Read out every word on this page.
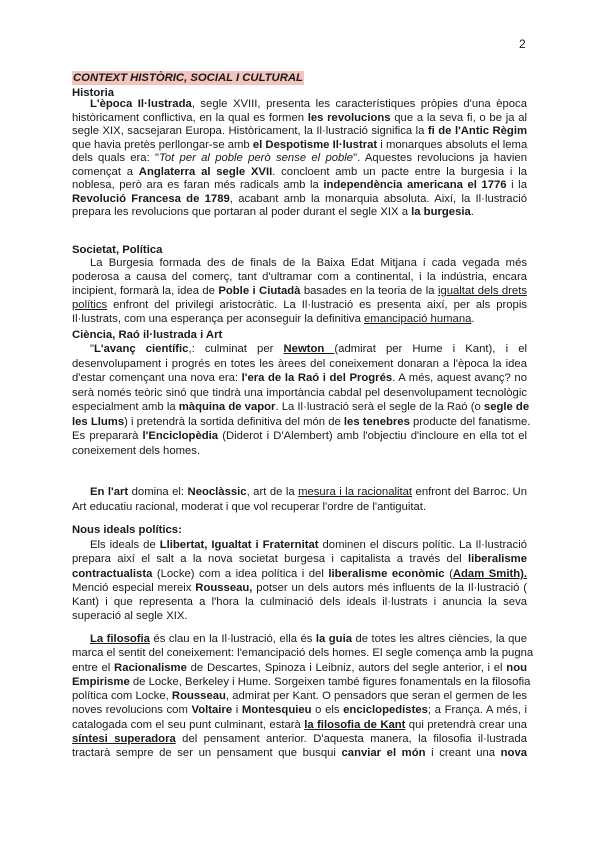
2
CONTEXT HISTÒRIC, SOCIAL I CULTURAL
Historia
L'època Il·lustrada, segle XVIII, presenta les característiques pròpies d'una època
històricament conflictiva, en la qual es formen les revolucions que a la seva fi, o be ja al
segle XIX, sacsejaran Europa. Històricament, la Il·lustració significa la fi de l'Antic Règim
que havia pretès perllongar-se amb el Despotisme Il·lustrat i monarques absoluts el lema
dels quals era: "Tot per al poble però sense el poble". Aquestes revolucions ja havien
començat a Anglaterra al segle XVII. concloent amb un pacte entre la burgesia i la
noblesa, però ara es faran més radicals amb la independència americana el 1776 i la
Revolució Francesa de 1789, acabant amb la monarquia absoluta. Així, la Il·lustració
prepara les revolucions que portaran al poder durant el segle XIX a la burgesia.
Societat, Política
La Burgesia formada des de finals de la Baixa Edat Mitjana i cada vegada més
poderosa a causa del comerç, tant d'ultramar com a continental, i la indústria, encara
incipient, formarà la, idea de Poble i Ciutadà basades en la teoria de la igualtat dels drets
polítics enfront del privilegi aristocràtic. La Il·lustració es presenta així, per als propis
Il·lustrats, com una esperança per aconseguir la definitiva emancipació humana.
Ciència, Raó il·lustrada i Art
"L'avanç científic,: culminat per Newton (admirat per Hume i Kant), i el
desenvolupament i progrés en totes les àrees del coneixement donaran a l'època la idea
d'estar començant una nova era: l'era de la Raó i del Progrés. A més, aquest avanç? no
serà només teòric sinó que tindrà una importància cabdal pel desenvolupament tecnològic
especialment amb la màquina de vapor. La Il·lustració serà el segle de la Raó (o segle de
les Llums) i pretendrà la sortida definitiva del món de les tenebres producte del fanatisme.
Es prepararà l'Enciclopèdia (Diderot i D'Alembert) amb l'objectiu d'incloure en ella tot el
coneixement dels homes.
En l'art domina el: Neoclàssic, art de la mesura i la racionalitat enfront del Barroc. Un
Art educatiu racional, moderat i que vol recuperar l'ordre de l'antiguitat.
Nous ideals polítics:
Els ideals de Llibertat, Igualtat i Fraternitat dominen el discurs polític. La Il·lustració
prepara així el salt a la nova societat burgesa i capitalista a través del liberalisme
contractualista (Locke) com a idea política i del liberalisme econòmic (Adam Smith).
Menció especial mereix Rousseau, potser un dels autors més influents de la Il·lustració (
Kant) i que representa a l'hora la culminació dels ideals il·lustrats i anuncia la seva
superació al segle XIX.
La filosofia és clau en la Il·lustració, ella és la guia de totes les altres ciències, la que
marca el sentit del coneixement: l'emancipació dels homes. El segle comença amb la pugna
entre el Racionalisme de Descartes, Spinoza i Leibniz, autors del segle anterior, i el nou
Empirisme de Locke, Berkeley i Hume. Sorgeixen també figures fonamentals en la filosofia
política com Locke, Rousseau, admirat per Kant. O pensadors que seran el germen de les
noves revolucions com Voltaire i Montesquieu o els enciclopedistes; a França. A més, i
catalogada com el seu punt culminant, estarà la filosofia de Kant qui pretendrà crear una
síntesi superadora del pensament anterior. D'aquesta manera, la filosofia il·lustrada
tractarà sempre de ser un pensament que busqui canviar el món i creant una nova
